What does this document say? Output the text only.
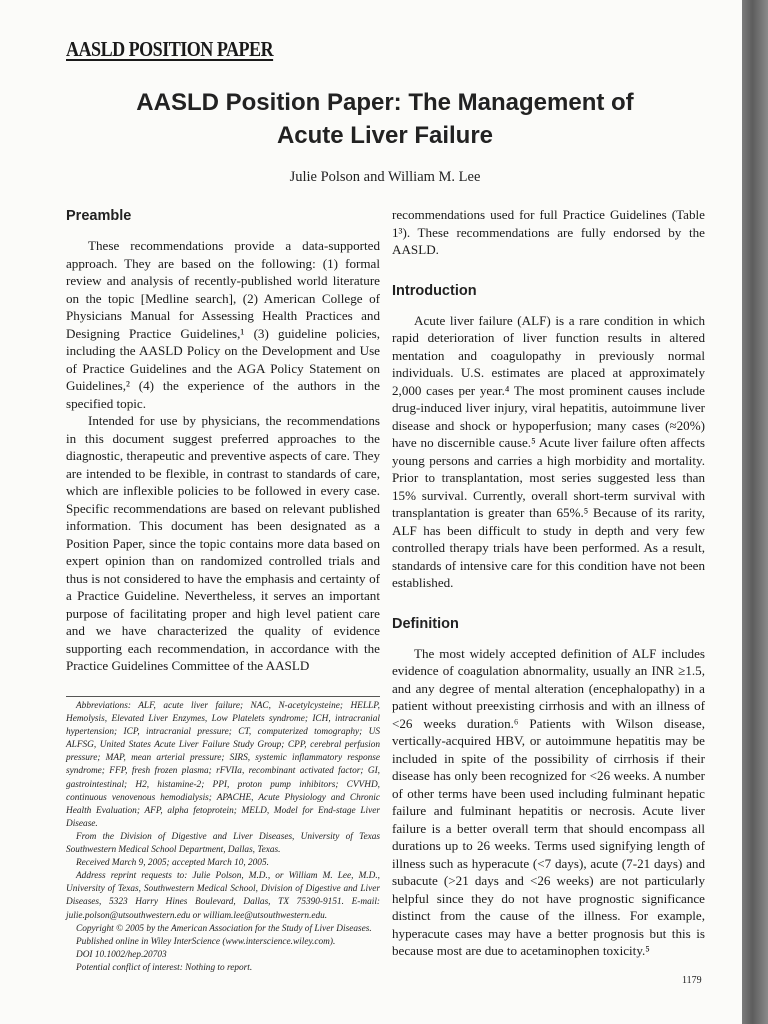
AASLD POSITION PAPER
AASLD Position Paper: The Management of
Acute Liver Failure
Julie Polson and William M. Lee
Preamble

These recommendations provide a data-supported approach. They are based on the following: (1) formal review and analysis of recently-published world literature on the topic [Medline search], (2) American College of Physicians Manual for Assessing Health Practices and Designing Practice Guidelines,¹ (3) guideline policies, including the AASLD Policy on the Development and Use of Practice Guidelines and the AGA Policy Statement on Guidelines,² (4) the experience of the authors in the specified topic.

Intended for use by physicians, the recommendations in this document suggest preferred approaches to the diagnostic, therapeutic and preventive aspects of care. They are intended to be flexible, in contrast to standards of care, which are inflexible policies to be followed in every case. Specific recommendations are based on relevant published information. This document has been designated as a Position Paper, since the topic contains more data based on expert opinion than on randomized controlled trials and thus is not considered to have the emphasis and certainty of a Practice Guideline. Nevertheless, it serves an important purpose of facilitating proper and high level patient care and we have characterized the quality of evidence supporting each recommendation, in accordance with the Practice Guidelines Committee of the AASLD

Abbreviations: ALF, acute liver failure; NAC, N-acetylcysteine; HELLP, Hemolysis, Elevated Liver Enzymes, Low Platelets syndrome; ICH, intracranial hypertension; ICP, intracranial pressure; CT, computerized tomography; US ALFSG, United States Acute Liver Failure Study Group; CPP, cerebral perfusion pressure; MAP, mean arterial pressure; SIRS, systemic inflammatory response syndrome; FFP, fresh frozen plasma; rFVIIa, recombinant activated factor; GI, gastrointestinal; H2, histamine-2; PPI, proton pump inhibitors; CVVHD, continuous venovenous hemodialysis; APACHE, Acute Physiology and Chronic Health Evaluation; AFP, alpha fetoprotein; MELD, Model for End-stage Liver Disease.

From the Division of Digestive and Liver Diseases, University of Texas Southwestern Medical School Department, Dallas, Texas.

Received March 9, 2005; accepted March 10, 2005.

Address reprint requests to: Julie Polson, M.D., or William M. Lee, M.D., University of Texas, Southwestern Medical School, Division of Digestive and Liver Diseases, 5323 Harry Hines Boulevard, Dallas, TX 75390-9151. E-mail: julie.polson@utsouthwestern.edu or william.lee@utsouthwestern.edu.

Copyright © 2005 by the American Association for the Study of Liver Diseases.

Published online in Wiley InterScience (www.interscience.wiley.com).

DOI 10.1002/hep.20703

Potential conflict of interest: Nothing to report.

recommendations used for full Practice Guidelines (Table 1³). These recommendations are fully endorsed by the AASLD.

Introduction

Acute liver failure (ALF) is a rare condition in which rapid deterioration of liver function results in altered mentation and coagulopathy in previously normal individuals. U.S. estimates are placed at approximately 2,000 cases per year.⁴ The most prominent causes include drug-induced liver injury, viral hepatitis, autoimmune liver disease and shock or hypoperfusion; many cases (≈20%) have no discernible cause.⁵ Acute liver failure often affects young persons and carries a high morbidity and mortality. Prior to transplantation, most series suggested less than 15% survival. Currently, overall short-term survival with transplantation is greater than 65%.⁵ Because of its rarity, ALF has been difficult to study in depth and very few controlled therapy trials have been performed. As a result, standards of intensive care for this condition have not been established.

Definition

The most widely accepted definition of ALF includes evidence of coagulation abnormality, usually an INR ≥1.5, and any degree of mental alteration (encephalopathy) in a patient without preexisting cirrhosis and with an illness of <26 weeks duration.⁶ Patients with Wilson disease, vertically-acquired HBV, or autoimmune hepatitis may be included in spite of the possibility of cirrhosis if their disease has only been recognized for <26 weeks. A number of other terms have been used including fulminant hepatic failure and fulminant hepatitis or necrosis. Acute liver failure is a better overall term that should encompass all durations up to 26 weeks. Terms used signifying length of illness such as hyperacute (<7 days), acute (7-21 days) and subacute (>21 days and <26 weeks) are not particularly helpful since they do not have prognostic significance distinct from the cause of the illness. For example, hyperacute cases may have a better prognosis but this is because most are due to acetaminophen toxicity.⁵

1179
